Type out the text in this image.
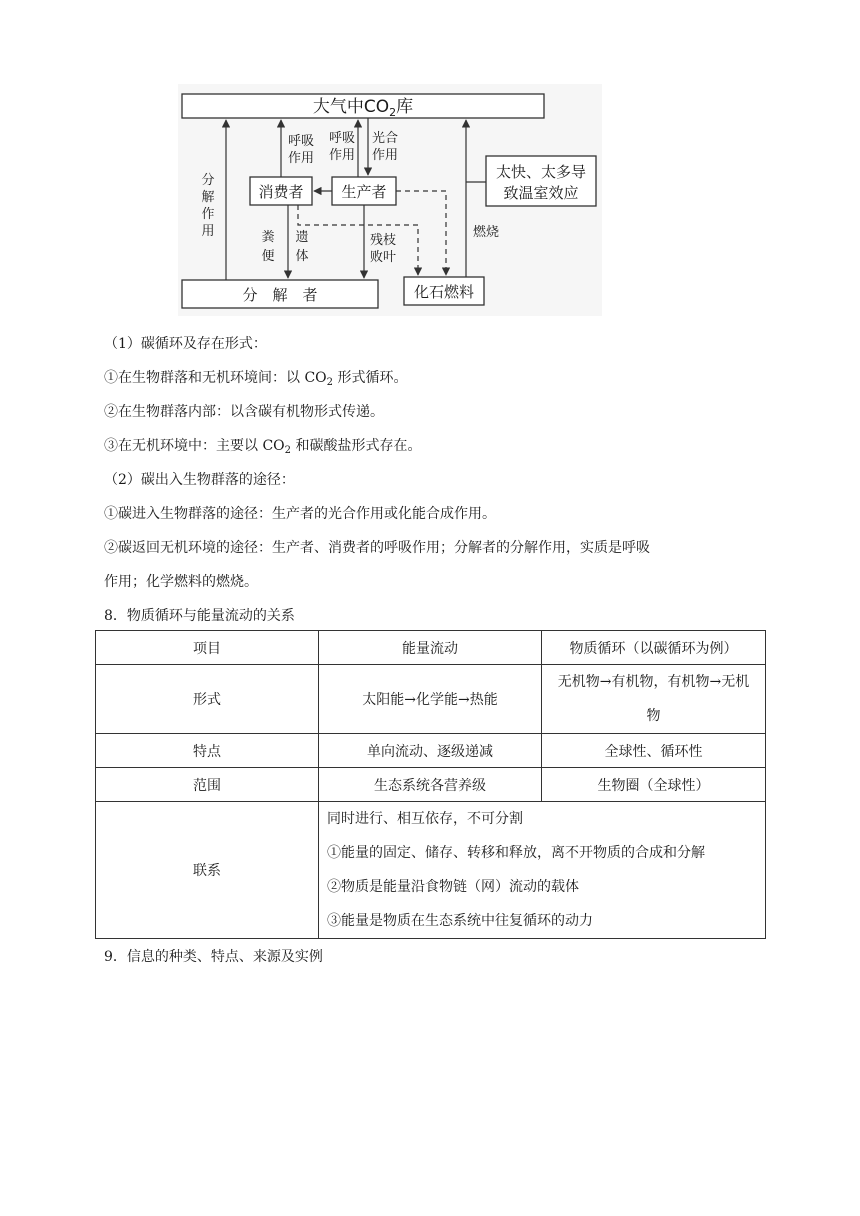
大气中$CO_2$库
消费者	生产者
太快、太多导
致温室效应
分　解　者	化石燃料
分
解
作
用
呼吸
作用
呼吸
作用
光合
作用
粪
便
遗
体
残枝
败叶
燃烧
（1）碳循环及存在形式：
①在生物群落和无机环境间：以 $CO_2$ 形式循环。
②在生物群落内部：以含碳有机物形式传递。
③在无机环境中：主要以 $CO_2$ 和碳酸盐形式存在。
（2）碳出入生物群落的途径：
①碳进入生物群落的途径：生产者的光合作用或化能合成作用。
②碳返回无机环境的途径：生产者、消费者的呼吸作用；分解者的分解作用，实质是呼吸
作用；化学燃料的燃烧。
8．物质循环与能量流动的关系
项目	能量流动	物质循环（以碳循环为例）
形式	太阳能→化学能→热能	无机物→有机物，有机物→无机
物

特点	单向流动、逐级递减	全球性、循环性
范围	生态系统各营养级	生物圈（全球性）
联系	同时进行、相互依存，不可分割
①能量的固定、储存、转移和释放，离不开物质的合成和分解
②物质是能量沿食物链（网）流动的载体
③能量是物质在生态系统中往复循环的动力	
9．信息的种类、特点、来源及实例
